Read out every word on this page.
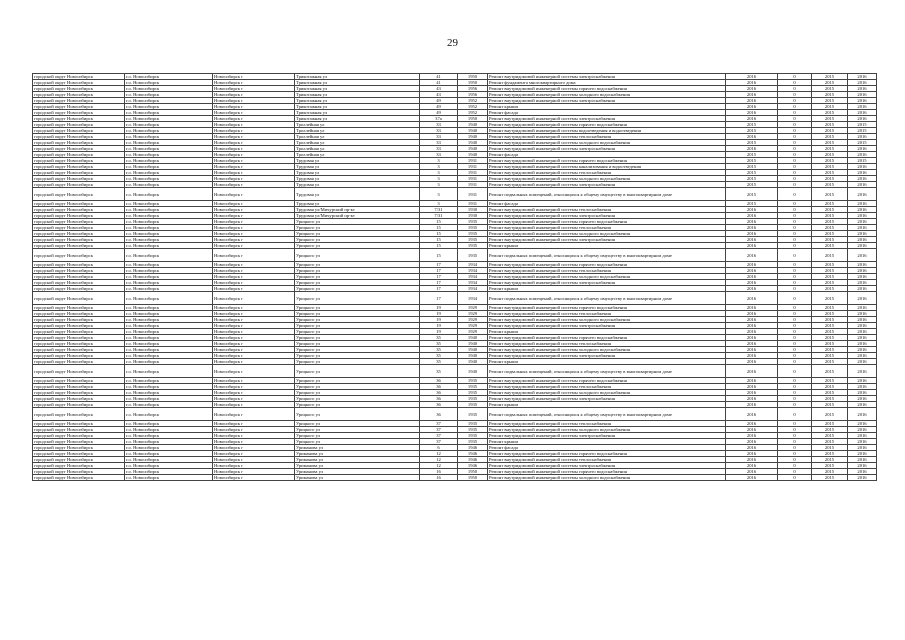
29
городской округ Новосибирск	г.о. Новосибирск	Новосибирск г	Трикотажная ул	41	1950	Ремонт внутридомовой инженерной системы электроснабжения	2016	0	2015	2016
городской округ Новосибирск	г.о. Новосибирск	Новосибирск г	Трикотажная ул	41	1950	Ремонт фундамента многоквартирного дома	2016	0	2015	2016
городской округ Новосибирск	г.о. Новосибирск	Новосибирск г	Трикотажная ул	43	1956	Ремонт внутридомовой инженерной системы горячего водоснабжения	2016	0	2015	2016
городской округ Новосибирск	г.о. Новосибирск	Новосибирск г	Трикотажная ул	43	1956	Ремонт внутридомовой инженерной системы холодного водоснабжения	2016	0	2015	2016
городской округ Новосибирск	г.о. Новосибирск	Новосибирск г	Трикотажная ул	49	1952	Ремонт внутридомовой инженерной системы электроснабжения	2016	0	2015	2016
городской округ Новосибирск	г.о. Новосибирск	Новосибирск г	Трикотажная ул	49	1952	Ремонт крыши	2016	0	2015	2016
городской округ Новосибирск	г.о. Новосибирск	Новосибирск г	Трикотажная ул	49	1952	Ремонт фасада	2016	0	2015	2016
городской округ Новосибирск	г.о. Новосибирск	Новосибирск г	Трикотажная ул	37а	1950	Ремонт внутридомовой инженерной системы электроснабжения	2016	0	2015	2016
городской округ Новосибирск	г.о. Новосибирск	Новосибирск г	Троллейная ул	33	1940	Ремонт внутридомовой инженерной системы горячего водоснабжения	2015	0	2015	2015
городской округ Новосибирск	г.о. Новосибирск	Новосибирск г	Троллейная ул	33	1940	Ремонт внутридомовой инженерной системы водоотведения и водоотведения	2015	0	2015	2015
городской округ Новосибирск	г.о. Новосибирск	Новосибирск г	Троллейная ул	33	1940	Ремонт внутридомовой инженерной системы теплоснабжения	2016	0	2015	2016
городской округ Новосибирск	г.о. Новосибирск	Новосибирск г	Троллейная ул	33	1940	Ремонт внутридомовой инженерной системы холодного водоснабжения	2015	0	2015	2015
городской округ Новосибирск	г.о. Новосибирск	Новосибирск г	Троллейная ул	33	1940	Ремонт внутридомовой инженерной системы электроснабжения	2016	0	2015	2016
городской округ Новосибирск	г.о. Новосибирск	Новосибирск г	Троллейная ул	33	1940	Ремонт фасада	2015	0	2015	2016
городской округ Новосибирск	г.о. Новосибирск	Новосибирск г	Трудовая ул	3	1931	Ремонт внутридомовой инженерной системы горячего водоснабжения	2015	0	2015	2015
городской округ Новосибирск	г.о. Новосибирск	Новосибирск г	Трудовая ул	3	1931	Ремонт внутридомовой инженерной системы канализования и водоотведения	2015	0	2015	2016
городской округ Новосибирск	г.о. Новосибирск	Новосибирск г	Трудовая ул	3	1931	Ремонт внутридомовой инженерной системы теплоснабжения	2015	0	2015	2016
городской округ Новосибирск	г.о. Новосибирск	Новосибирск г	Трудовая ул	3	1931	Ремонт внутридомовой инженерной системы холодного водоснабжения	2015	0	2015	2016
городской округ Новосибирск	г.о. Новосибирск	Новосибирск г	Трудовая ул	3	1931	Ремонт внутридомовой инженерной системы электроснабжения	2015	0	2015	2016
городской округ Новосибирск	г.о. Новосибирск	Новосибирск г	Трудовая ул	3	1931	Ремонт подвальных помещений, относящихся к общему имуществу в многоквартирном доме	2015	0	2015	2016
городской округ Новосибирск	г.о. Новосибирск	Новосибирск г	Трудовая ул	3	1931	Ремонт фасада	2015	0	2015	2016
городской округ Новосибирск	г.о. Новосибирск	Новосибирск г	Трудовая ул/Мичурский пр-кт	7/31	1930	Ремонт внутридомовой инженерной системы теплоснабжения	2016	0	2015	2016
городской округ Новосибирск	г.о. Новосибирск	Новосибирск г	Трудовая ул/Мичурский пр-кт	7/31	1930	Ремонт внутридомовой инженерной системы электроснабжения	2016	0	2015	2016
городской округ Новосибирск	г.о. Новосибирск	Новосибирск г	Урицкого ул	15	1935	Ремонт внутридомовой инженерной системы горячего водоснабжения	2016	0	2015	2016
городской округ Новосибирск	г.о. Новосибирск	Новосибирск г	Урицкого ул	15	1935	Ремонт внутридомовой инженерной системы теплоснабжения	2016	0	2015	2016
городской округ Новосибирск	г.о. Новосибирск	Новосибирск г	Урицкого ул	15	1935	Ремонт внутридомовой инженерной системы холодного водоснабжения	2016	0	2015	2016
городской округ Новосибирск	г.о. Новосибирск	Новосибирск г	Урицкого ул	15	1935	Ремонт внутридомовой инженерной системы электроснабжения	2016	0	2015	2016
городской округ Новосибирск	г.о. Новосибирск	Новосибирск г	Урицкого ул	15	1935	Ремонт крыши	2016	0	2015	2016
городской округ Новосибирск	г.о. Новосибирск	Новосибирск г	Урицкого ул	15	1935	Ремонт подвальных помещений, относящихся к общему имуществу в многоквартирном доме	2016	0	2015	2016
городской округ Новосибирск	г.о. Новосибирск	Новосибирск г	Урицкого ул	17	1934	Ремонт внутридомовой инженерной системы горячего водоснабжения	2016	0	2015	2016
городской округ Новосибирск	г.о. Новосибирск	Новосибирск г	Урицкого ул	17	1934	Ремонт внутридомовой инженерной системы теплоснабжения	2016	0	2015	2016
городской округ Новосибирск	г.о. Новосибирск	Новосибирск г	Урицкого ул	17	1934	Ремонт внутридомовой инженерной системы холодного водоснабжения	2016	0	2015	2016
городской округ Новосибирск	г.о. Новосибирск	Новосибирск г	Урицкого ул	17	1934	Ремонт внутридомовой инженерной системы электроснабжения	2016	0	2015	2016
городской округ Новосибирск	г.о. Новосибирск	Новосибирск г	Урицкого ул	17	1934	Ремонт крыши	2016	0	2015	2016
городской округ Новосибирск	г.о. Новосибирск	Новосибирск г	Урицкого ул	17	1934	Ремонт подвальных помещений, относящихся к общему имуществу в многоквартирном доме	2016	0	2015	2016
городской округ Новосибирск	г.о. Новосибирск	Новосибирск г	Урицкого ул	19	1929	Ремонт внутридомовой инженерной системы горячего водоснабжения	2016	0	2015	2016
городской округ Новосибирск	г.о. Новосибирск	Новосибирск г	Урицкого ул	19	1929	Ремонт внутридомовой инженерной системы теплоснабжения	2016	0	2015	2016
городской округ Новосибирск	г.о. Новосибирск	Новосибирск г	Урицкого ул	19	1929	Ремонт внутридомовой инженерной системы холодного водоснабжения	2016	0	2015	2016
городской округ Новосибирск	г.о. Новосибирск	Новосибирск г	Урицкого ул	19	1929	Ремонт внутридомовой инженерной системы электроснабжения	2016	0	2015	2016
городской округ Новосибирск	г.о. Новосибирск	Новосибирск г	Урицкого ул	19	1929	Ремонт крыши	2016	0	2015	2016
городской округ Новосибирск	г.о. Новосибирск	Новосибирск г	Урицкого ул	35	1940	Ремонт внутридомовой инженерной системы горячего водоснабжения	2016	0	2015	2016
городской округ Новосибирск	г.о. Новосибирск	Новосибирск г	Урицкого ул	35	1940	Ремонт внутридомовой инженерной системы теплоснабжения	2016	0	2015	2016
городской округ Новосибирск	г.о. Новосибирск	Новосибирск г	Урицкого ул	35	1940	Ремонт внутридомовой инженерной системы холодного водоснабжения	2016	0	2015	2016
городской округ Новосибирск	г.о. Новосибирск	Новосибирск г	Урицкого ул	35	1940	Ремонт внутридомовой инженерной системы электроснабжения	2016	0	2015	2016
городской округ Новосибирск	г.о. Новосибирск	Новосибирск г	Урицкого ул	35	1940	Ремонт крыши	2016	0	2015	2016
городской округ Новосибирск	г.о. Новосибирск	Новосибирск г	Урицкого ул	35	1940	Ремонт подвальных помещений, относящихся к общему имуществу в многоквартирном доме	2016	0	2015	2016
городской округ Новосибирск	г.о. Новосибирск	Новосибирск г	Урицкого ул	36	1935	Ремонт внутридомовой инженерной системы горячего водоснабжения	2016	0	2015	2016
городской округ Новосибирск	г.о. Новосибирск	Новосибирск г	Урицкого ул	36	1935	Ремонт внутридомовой инженерной системы теплоснабжения	2016	0	2015	2016
городской округ Новосибирск	г.о. Новосибирск	Новосибирск г	Урицкого ул	36	1935	Ремонт внутридомовой инженерной системы холодного водоснабжения	2016	0	2015	2016
городской округ Новосибирск	г.о. Новосибирск	Новосибирск г	Урицкого ул	36	1935	Ремонт внутридомовой инженерной системы электроснабжения	2016	0	2015	2016
городской округ Новосибирск	г.о. Новосибирск	Новосибирск г	Урицкого ул	36	1935	Ремонт крыши	2016	0	2015	2016
городской округ Новосибирск	г.о. Новосибирск	Новосибирск г	Урицкого ул	36	1935	Ремонт подвальных помещений, относящихся к общему имуществу в многоквартирном доме	2016	0	2015	2016
городской округ Новосибирск	г.о. Новосибирск	Новосибирск г	Урицкого ул	37	1935	Ремонт внутридомовой инженерной системы теплоснабжения	2016	0	2015	2016
городской округ Новосибирск	г.о. Новосибирск	Новосибирск г	Урицкого ул	37	1935	Ремонт внутридомовой инженерной системы холодного водоснабжения	2016	0	2015	2016
городской округ Новосибирск	г.о. Новосибирск	Новосибирск г	Урицкого ул	37	1935	Ремонт внутридомовой инженерной системы электроснабжения	2016	0	2015	2016
городской округ Новосибирск	г.о. Новосибирск	Новосибирск г	Урицкого ул	37	1935	Ремонт крыши	2016	0	2015	2016
городской округ Новосибирск	г.о. Новосибирск	Новосибирск г	Уриманова ул	6	1946	Ремонт фасада	2016	0	2015	2016
городской округ Новосибирск	г.о. Новосибирск	Новосибирск г	Уриманова ул	12	1946	Ремонт внутридомовой инженерной системы горячего водоснабжения	2016	0	2015	2016
городской округ Новосибирск	г.о. Новосибирск	Новосибирск г	Уриманова ул	12	1946	Ремонт внутридомовой инженерной системы теплоснабжения	2016	0	2015	2016
городской округ Новосибирск	г.о. Новосибирск	Новосибирск г	Уриманова ул	12	1946	Ремонт внутридомовой инженерной системы электроснабжения	2016	0	2015	2016
городской округ Новосибирск	г.о. Новосибирск	Новосибирск г	Уриманова ул	16	1950	Ремонт внутридомовой инженерной системы горячего водоснабжения	2016	0	2015	2016
городской округ Новосибирск	г.о. Новосибирск	Новосибирск г	Уриманова ул	16	1950	Ремонт внутридомовой инженерной системы холодного водоснабжения	2016	0	2015	2016
